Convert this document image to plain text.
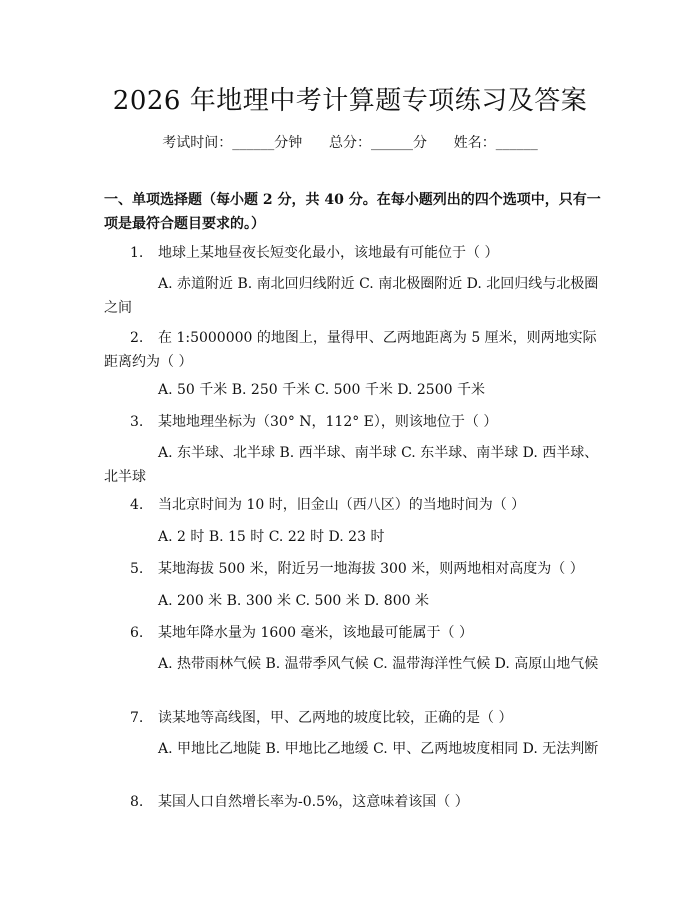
2026 年地理中考计算题专项练习及答案
考试时间：______分钟 总分：______分 姓名：______
一、单项选择题（每小题 2 分，共 40 分。在每小题列出的四个选项中，只有一项是最符合题目要求的。）
1. 地球上某地昼夜长短变化最小，该地最有可能位于（ ）
A. 赤道附近 B. 南北回归线附近 C. 南北极圈附近 D. 北回归线与北极圈之间
2. 在 1:5000000 的地图上，量得甲、乙两地距离为 5 厘米，则两地实际距离约为（ ）
A. 50 千米 B. 250 千米 C. 500 千米 D. 2500 千米
3. 某地地理坐标为（30° N，112° E），则该地位于（ ）
A. 东半球、北半球 B. 西半球、南半球 C. 东半球、南半球 D. 西半球、北半球
4. 当北京时间为 10 时，旧金山（西八区）的当地时间为（ ）
A. 2 时 B. 15 时 C. 22 时 D. 23 时
5. 某地海拔 500 米，附近另一地海拔 300 米，则两地相对高度为（ ）
A. 200 米 B. 300 米 C. 500 米 D. 800 米
6. 某地年降水量为 1600 毫米，该地最可能属于（ ）
A. 热带雨林气候 B. 温带季风气候 C. 温带海洋性气候 D. 高原山地气候
7. 读某地等高线图，甲、乙两地的坡度比较，正确的是（ ）
A. 甲地比乙地陡 B. 甲地比乙地缓 C. 甲、乙两地坡度相同 D. 无法判断
8. 某国人口自然增长率为-0.5%，这意味着该国（ ）
